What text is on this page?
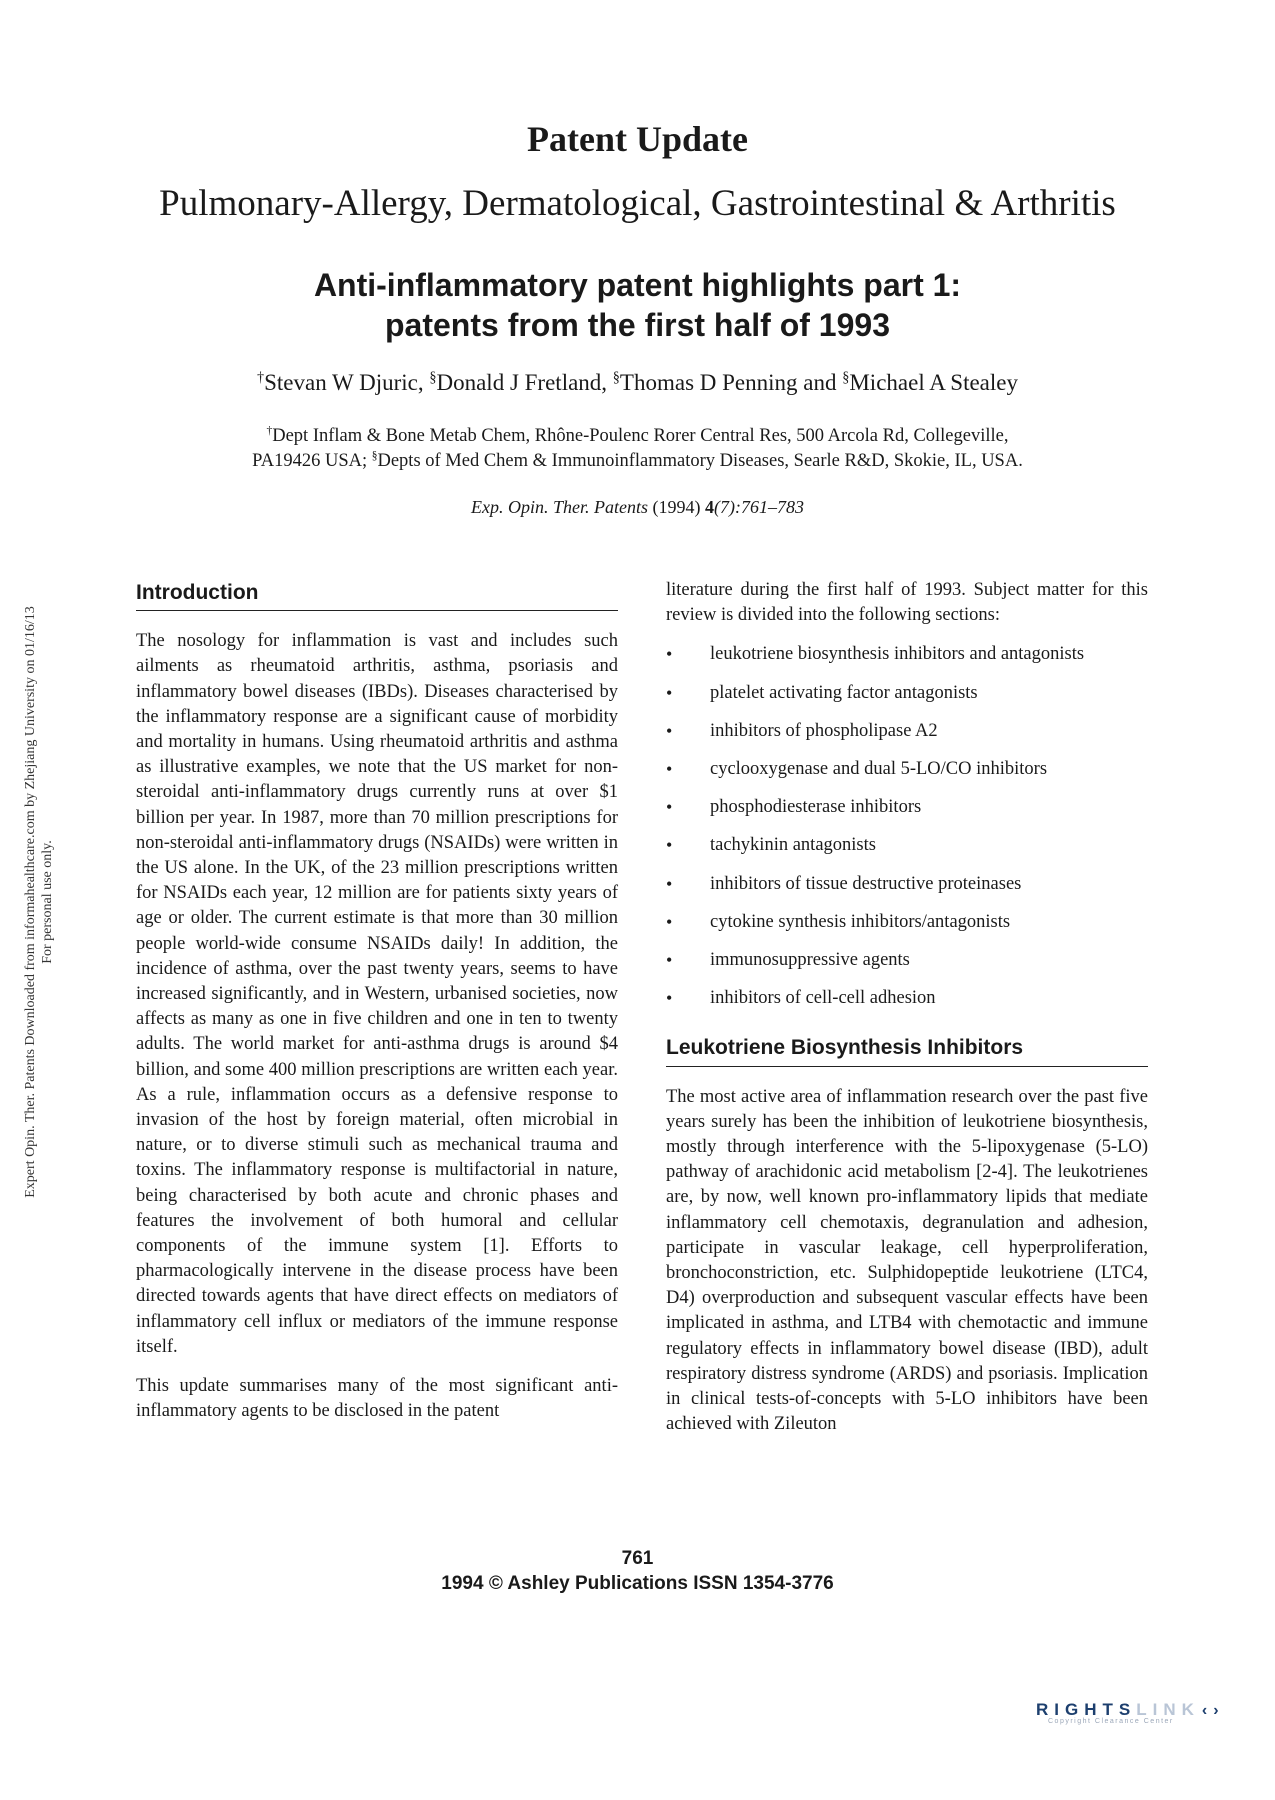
Patent Update
Pulmonary-Allergy, Dermatological, Gastrointestinal & Arthritis
Anti-inflammatory patent highlights part 1:
patents from the first half of 1993
†Stevan W Djuric, §Donald J Fretland, §Thomas D Penning and §Michael A Stealey
†Dept Inflam & Bone Metab Chem, Rhône-Poulenc Rorer Central Res, 500 Arcola Rd, Collegeville,
PA19426 USA; §Depts of Med Chem & Immunoinflammatory Diseases, Searle R&D, Skokie, IL, USA.
Exp. Opin. Ther. Patents (1994) 4(7):761–783
Introduction

The nosology for inflammation is vast and includes such ailments as rheumatoid arthritis, asthma, psoriasis and inflammatory bowel diseases (IBDs). Diseases characterised by the inflammatory response are a significant cause of morbidity and mortality in humans. Using rheumatoid arthritis and asthma as illustrative examples, we note that the US market for non-steroidal anti-inflammatory drugs currently runs at over $1 billion per year. In 1987, more than 70 million prescriptions for non-steroidal anti-inflammatory drugs (NSAIDs) were written in the US alone. In the UK, of the 23 million prescriptions written for NSAIDs each year, 12 million are for patients sixty years of age or older. The current estimate is that more than 30 million people world-wide consume NSAIDs daily! In addition, the incidence of asthma, over the past twenty years, seems to have increased significantly, and in Western, urbanised societies, now affects as many as one in five children and one in ten to twenty adults. The world market for anti-asthma drugs is around $4 billion, and some 400 million prescriptions are written each year. As a rule, inflammation occurs as a defensive response to invasion of the host by foreign material, often microbial in nature, or to diverse stimuli such as mechanical trauma and toxins. The inflammatory response is multifactorial in nature, being characterised by both acute and chronic phases and features the involvement of both humoral and cellular components of the immune system [1]. Efforts to pharmacologically intervene in the disease process have been directed towards agents that have direct effects on mediators of inflammatory cell influx or mediators of the immune response itself.

This update summarises many of the most significant anti-inflammatory agents to be disclosed in the patent

literature during the first half of 1993. Subject matter for this review is divided into the following sections:

• leukotriene biosynthesis inhibitors and antagonists
• platelet activating factor antagonists
• inhibitors of phospholipase A2
• cyclooxygenase and dual 5-LO/CO inhibitors
• phosphodiesterase inhibitors
• tachykinin antagonists
• inhibitors of tissue destructive proteinases
• cytokine synthesis inhibitors/antagonists
• immunosuppressive agents
• inhibitors of cell-cell adhesion
Leukotriene Biosynthesis Inhibitors

The most active area of inflammation research over the past five years surely has been the inhibition of leukotriene biosynthesis, mostly through interference with the 5-lipoxygenase (5-LO) pathway of arachidonic acid metabolism [2-4]. The leukotrienes are, by now, well known pro-inflammatory lipids that mediate inflammatory cell chemotaxis, degranulation and adhesion, participate in vascular leakage, cell hyperproliferation, bronchoconstriction, etc. Sulphidopeptide leukotriene (LTC4, D4) overproduction and subsequent vascular effects have been implicated in asthma, and LTB4 with chemotactic and immune regulatory effects in inflammatory bowel disease (IBD), adult respiratory distress syndrome (ARDS) and psoriasis. Implication in clinical tests-of-concepts with 5-LO inhibitors have been achieved with Zileuton

761
1994 © Ashley Publications ISSN 1354-3776
Expert Opin. Ther. Patents Downloaded from informahealthcare.com by Zhejiang University on 01/16/13 For personal use only.
RIGHTSLINK ‹›
Copyright Clearance Center
